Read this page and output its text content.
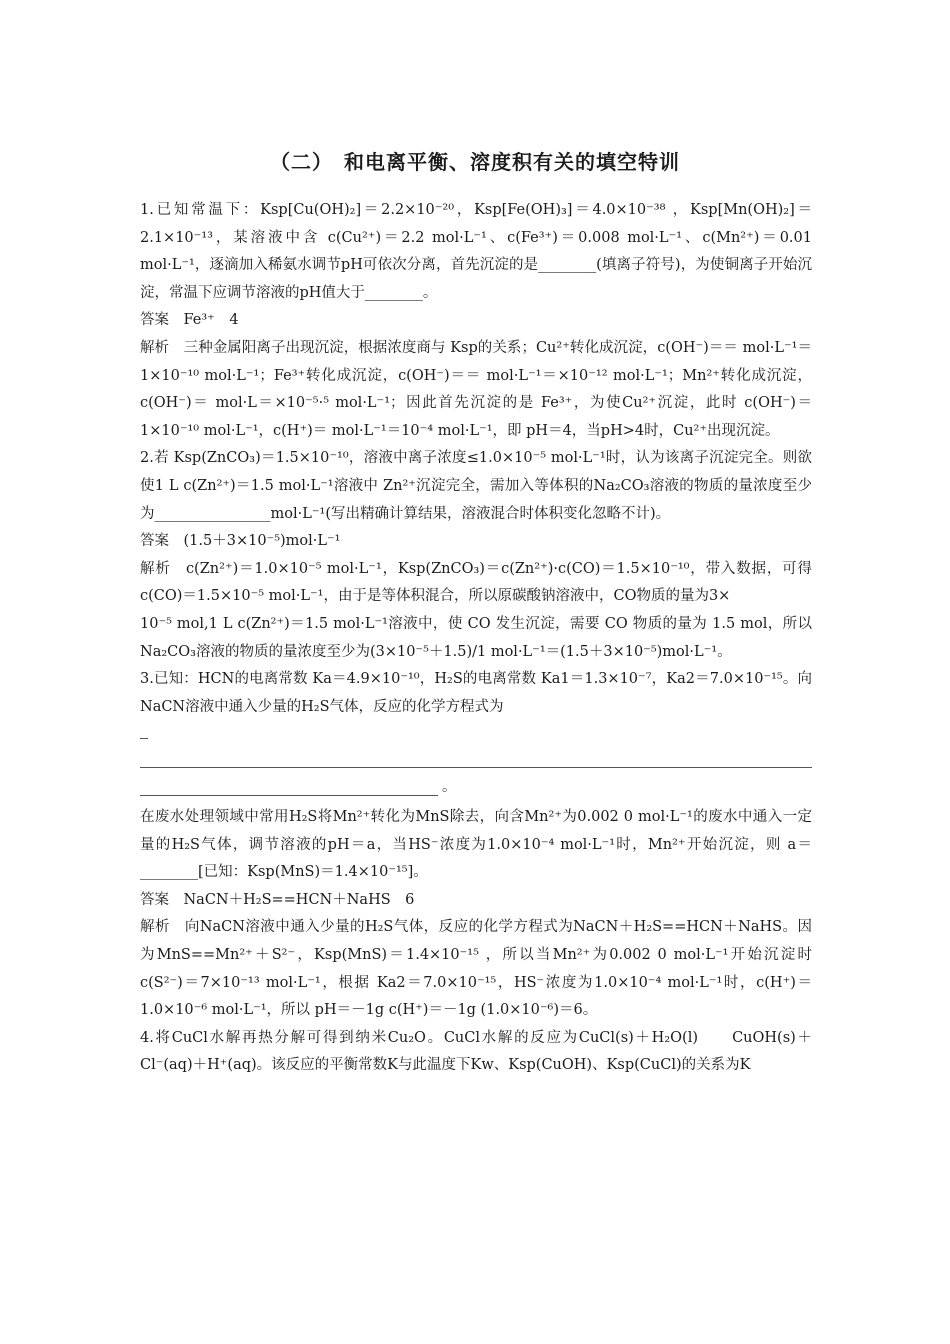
（二）　和电离平衡、溶度积有关的填空特训

1.已知常温下：Ksp[Cu(OH)₂]＝2.2×10⁻²⁰，Ksp[Fe(OH)₃]＝4.0×10⁻³⁸ ，Ksp[Mn(OH)₂]＝2.1×10⁻¹³，某溶液中含 c(Cu²⁺)＝2.2 mol·L⁻¹、c(Fe³⁺)＝0.008 mol·L⁻¹、c(Mn²⁺)＝0.01 mol·L⁻¹，逐滴加入稀氨水调节pH可依次分离，首先沉淀的是________(填离子符号)，为使铜离子开始沉淀，常温下应调节溶液的pH值大于________。

答案　Fe³⁺　4

解析　三种金属阳离子出现沉淀，根据浓度商与 Ksp的关系；Cu²⁺转化成沉淀，c(OH⁻)＝＝ mol·L⁻¹＝1×10⁻¹⁰ mol·L⁻¹；Fe³⁺转化成沉淀，c(OH⁻)＝＝ mol·L⁻¹＝×10⁻¹² mol·L⁻¹；Mn²⁺转化成沉淀，c(OH⁻)＝ mol·L＝×10⁻⁵·⁵ mol·L⁻¹；因此首先沉淀的是 Fe³⁺，为使Cu²⁺沉淀，此时 c(OH⁻)＝1×10⁻¹⁰ mol·L⁻¹，c(H⁺)＝ mol·L⁻¹＝10⁻⁴ mol·L⁻¹，即 pH＝4，当pH>4时，Cu²⁺出现沉淀。

2.若 Ksp(ZnCO₃)＝1.5×10⁻¹⁰，溶液中离子浓度≤1.0×10⁻⁵ mol·L⁻¹时，认为该离子沉淀完全。则欲使1 L c(Zn²⁺)＝1.5 mol·L⁻¹溶液中 Zn²⁺沉淀完全，需加入等体积的Na₂CO₃溶液的物质的量浓度至少为________________mol·L⁻¹(写出精确计算结果，溶液混合时体积变化忽略不计)。

答案　(1.5＋3×10⁻⁵)mol·L⁻¹

解析　c(Zn²⁺)＝1.0×10⁻⁵ mol·L⁻¹，Ksp(ZnCO₃)＝c(Zn²⁺)·c(CO)＝1.5×10⁻¹⁰，带入数据，可得 c(CO)＝1.5×10⁻⁵ mol·L⁻¹，由于是等体积混合，所以原碳酸钠溶液中，CO物质的量为3×

10⁻⁵ mol,1 L c(Zn²⁺)＝1.5 mol·L⁻¹溶液中，使 CO 发生沉淀，需要 CO 物质的量为 1.5 mol，所以 Na₂CO₃溶液的物质的量浓度至少为(3×10⁻⁵＋1.5)/1 mol·L⁻¹＝(1.5＋3×10⁻⁵)mol·L⁻¹。

3.已知：HCN的电离常数 Ka＝4.9×10⁻¹⁰，H₂S的电离常数 Ka1＝1.3×10⁻⁷，Ka2＝7.0×10⁻¹⁵。向NaCN溶液中通入少量的H₂S气体，反应的化学方程式为

。

在废水处理领域中常用H₂S将Mn²⁺转化为MnS除去，向含Mn²⁺为0.002 0 mol·L⁻¹的废水中通入一定量的H₂S气体，调节溶液的pH＝a，当HS⁻浓度为1.0×10⁻⁴ mol·L⁻¹时，Mn²⁺开始沉淀，则 a＝________[已知：Ksp(MnS)＝1.4×10⁻¹⁵]。

答案　NaCN＋H₂S==HCN＋NaHS　6

解析　向NaCN溶液中通入少量的H₂S气体，反应的化学方程式为NaCN＋H₂S==HCN＋NaHS。因为MnS==Mn²⁺＋S²⁻，Ksp(MnS)＝1.4×10⁻¹⁵ ，所以当Mn²⁺为0.002 0 mol·L⁻¹开始沉淀时 c(S²⁻)＝7×10⁻¹³ mol·L⁻¹，根据 Ka2＝7.0×10⁻¹⁵，HS⁻浓度为1.0×10⁻⁴ mol·L⁻¹时，c(H⁺)＝1.0×10⁻⁶ mol·L⁻¹，所以 pH＝－1g c(H⁺)＝－1g (1.0×10⁻⁶)＝6。

4.将CuCl水解再热分解可得到纳米Cu₂O。CuCl水解的反应为CuCl(s)＋H₂O(l)　　CuOH(s)＋Cl⁻(aq)＋H⁺(aq)。该反应的平衡常数K与此温度下Kw、Ksp(CuOH)、Ksp(CuCl)的关系为K
